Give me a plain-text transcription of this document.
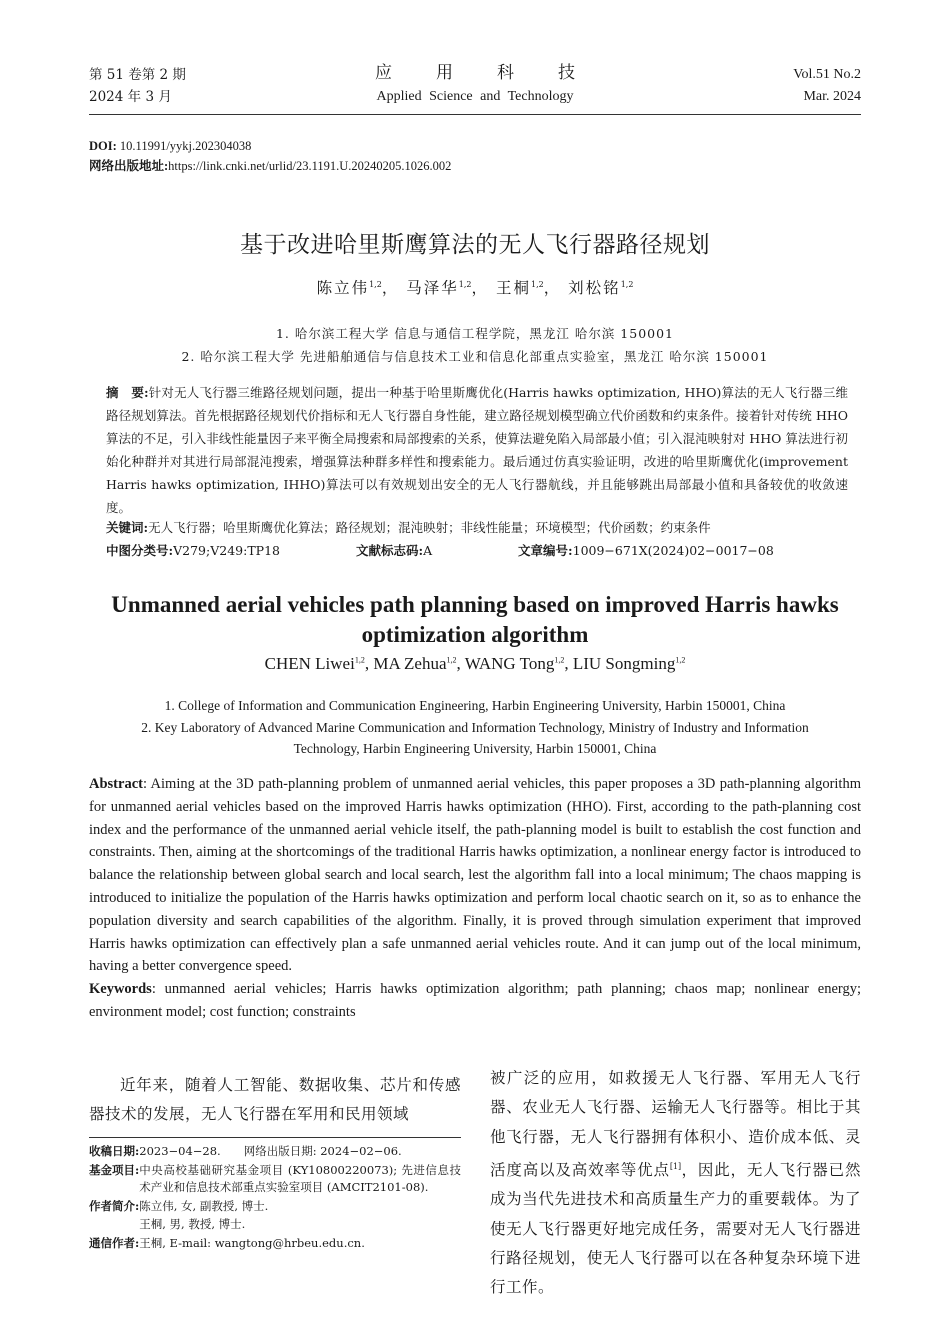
第 51 卷第 2 期
2024 年 3 月
应用科技
Applied Science and Technology
Vol.51 No.2
Mar. 2024
DOI: 10.11991/yykj.202304038
网络出版地址:https://link.cnki.net/urlid/23.1191.U.20240205.1026.002
基于改进哈里斯鹰算法的无人飞行器路径规划
陈立伟$^{1,2}$， 马泽华$^{1,2}$， 王桐$^{1,2}$， 刘松铭$^{1,2}$
1. 哈尔滨工程大学 信息与通信工程学院，黑龙江 哈尔滨 150001
2. 哈尔滨工程大学 先进船舶通信与信息技术工业和信息化部重点实验室，黑龙江 哈尔滨 150001
摘　要:针对无人飞行器三维路径规划问题，提出一种基于哈里斯鹰优化(Harris hawks optimization, HHO)算法的无人飞行器三维路径规划算法。首先根据路径规划代价指标和无人飞行器自身性能，建立路径规划模型确立代价函数和约束条件。接着针对传统 HHO 算法的不足，引入非线性能量因子来平衡全局搜索和局部搜索的关系，使算法避免陷入局部最小值；引入混沌映射对 HHO 算法进行初始化种群并对其进行局部混沌搜索，增强算法种群多样性和搜索能力。最后通过仿真实验证明，改进的哈里斯鹰优化(improvement Harris hawks optimization, IHHO)算法可以有效规划出安全的无人飞行器航线，并且能够跳出局部最小值和具备较优的收敛速度。
关键词:无人飞行器；哈里斯鹰优化算法；路径规划；混沌映射；非线性能量；环境模型；代价函数；约束条件
中图分类号: V279;V249:TP18	文献标志码: A	文章编号: 1009−671X(2024)02−0017−08
Unmanned aerial vehicles path planning based on improved Harris hawks optimization algorithm
CHEN Liwei$^{1,2}$, MA Zehua$^{1,2}$, WANG Tong$^{1,2}$, LIU Songming$^{1,2}$
1. College of Information and Communication Engineering, Harbin Engineering University, Harbin 150001, China
2. Key Laboratory of Advanced Marine Communication and Information Technology, Ministry of Industry and Information Technology, Harbin Engineering University, Harbin 150001, China
Abstract: Aiming at the 3D path-planning problem of unmanned aerial vehicles, this paper proposes a 3D path-planning algorithm for unmanned aerial vehicles based on the improved Harris hawks optimization (HHO). First, according to the path-planning cost index and the performance of the unmanned aerial vehicle itself, the path-planning model is built to establish the cost function and constraints. Then, aiming at the shortcomings of the traditional Harris hawks optimization, a nonlinear energy factor is introduced to balance the relationship between global search and local search, lest the algorithm fall into a local minimum; The chaos mapping is introduced to initialize the population of the Harris hawks optimization and perform local chaotic search on it, so as to enhance the population diversity and search capabilities of the algorithm. Finally, it is proved through simulation experiment that improved Harris hawks optimization can effectively plan a safe unmanned aerial vehicles route. And it can jump out of the local minimum, having a better convergence speed.
Keywords: unmanned aerial vehicles; Harris hawks optimization algorithm; path planning; chaos map; nonlinear energy; environment model; cost function; constraints
近年来，随着人工智能、数据收集、芯片和传感器技术的发展，无人飞行器在军用和民用领域
收稿日期: 2023−04−28.　　网络出版日期: 2024−02−06.
基金项目: 中央高校基础研究基金项目 (KY10800220073); 先进信息技术产业和信息技术部重点实验室项目 (AMCIT2101-08).
作者简介: 陈立伟, 女, 副教授, 博士.
王桐, 男, 教授, 博士.
通信作者: 王桐, E-mail: wangtong@hrbeu.edu.cn.
被广泛的应用，如救援无人飞行器、军用无人飞行器、农业无人飞行器、运输无人飞行器等。相比于其他飞行器，无人飞行器拥有体积小、造价成本低、灵活度高以及高效率等优点[1]，因此，无人飞行器已然成为当代先进技术和高质量生产力的重要载体。为了使无人飞行器更好地完成任务，需要对无人飞行器进行路径规划，使无人飞行器可以在各种复杂环境下进行工作。
